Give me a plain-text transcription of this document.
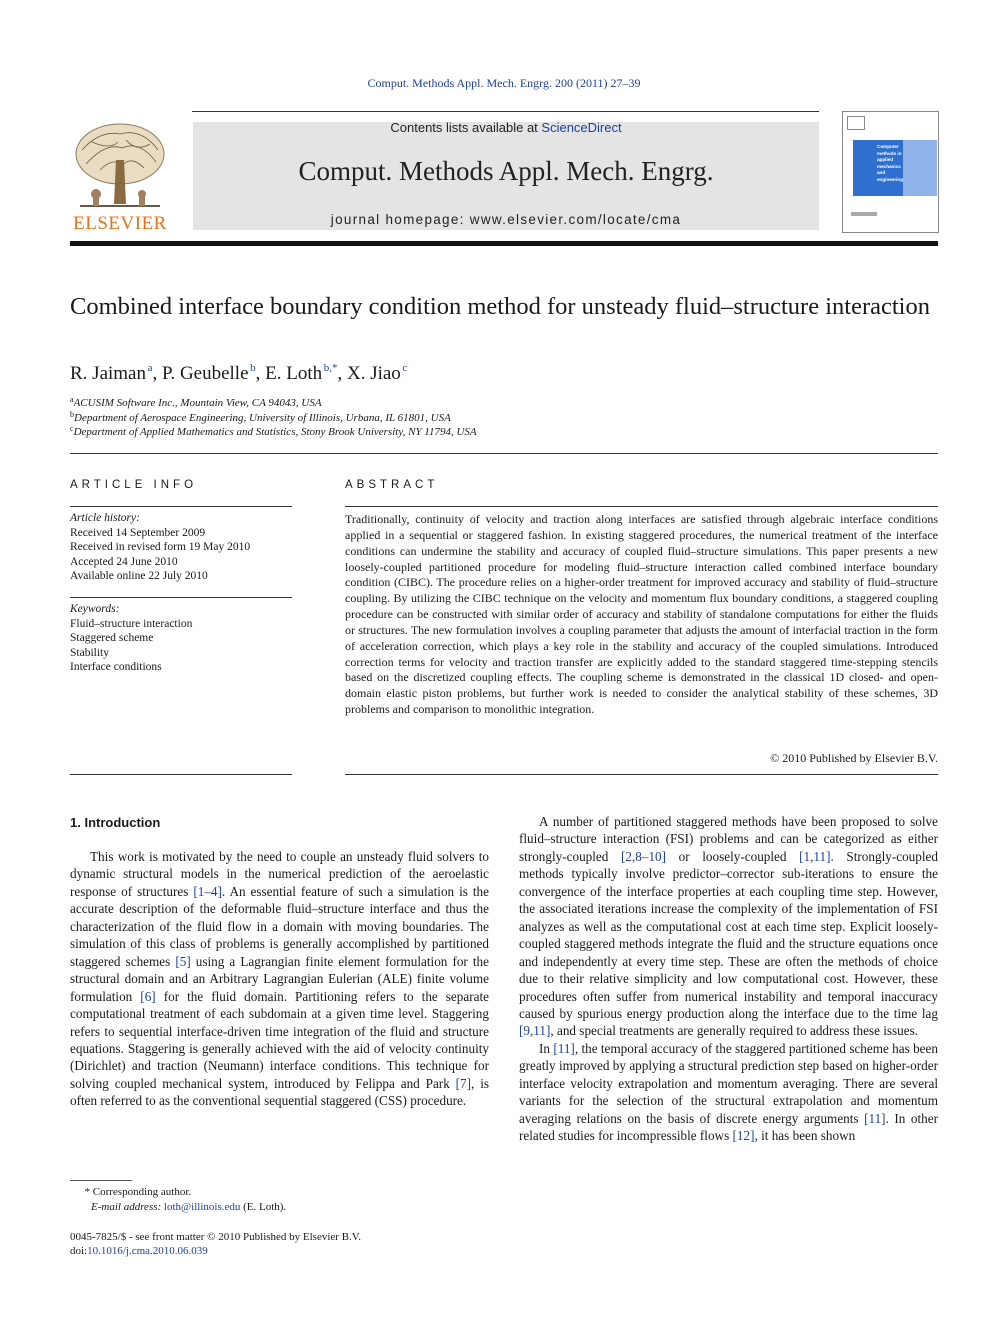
Comput. Methods Appl. Mech. Engrg. 200 (2011) 27–39
ELSEVIER
Contents lists available at ScienceDirect
Comput. Methods Appl. Mech. Engrg.
journal homepage: www.elsevier.com/locate/cma
Computer methods in applied mechanics and engineering
Combined interface boundary condition method for unsteady fluid–structure interaction
R. Jaiman  $^a$, P. Geubelle  $^b$, E. Loth  $^{b,*}$, X. Jiao  $^c$
$^a$ACUSIM Software Inc., Mountain View, CA 94043, USA
$^b$Department of Aerospace Engineering, University of Illinois, Urbana, IL 61801, USA
$^c$Department of Applied Mathematics and Statistics, Stony Brook University, NY 11794, USA
ARTICLE INFO
Article history:
Received 14 September 2009
Received in revised form 19 May 2010
Accepted 24 June 2010
Available online 22 July 2010
Keywords:
Fluid–structure interaction
Staggered scheme
Stability
Interface conditions
ABSTRACT
Traditionally, continuity of velocity and traction along interfaces are satisfied through algebraic interface conditions applied in a sequential or staggered fashion. In existing staggered procedures, the numerical treatment of the interface conditions can undermine the stability and accuracy of coupled fluid–structure simulations. This paper presents a new loosely-coupled partitioned procedure for modeling fluid–structure interaction called combined interface boundary condition (CIBC). The procedure relies on a higher-order treatment for improved accuracy and stability of fluid–structure coupling. By utilizing the CIBC technique on the velocity and momentum flux boundary conditions, a staggered coupling procedure can be constructed with similar order of accuracy and stability of standalone computations for either the fluids or structures. The new formulation involves a coupling parameter that adjusts the amount of interfacial traction in the form of acceleration correction, which plays a key role in the stability and accuracy of the coupled simulations. Introduced correction terms for velocity and traction transfer are explicitly added to the standard staggered time-stepping stencils based on the discretized coupling effects. The coupling scheme is demonstrated in the classical 1D closed- and open-domain elastic piston problems, but further work is needed to consider the analytical stability of these schemes, 3D problems and comparison to monolithic integration.
© 2010 Published by Elsevier B.V.
1. Introduction

This work is motivated by the need to couple an unsteady fluid solvers to dynamic structural models in the numerical prediction of the aeroelastic response of structures [1–4]. An essential feature of such a simulation is the accurate description of the deformable fluid–structure interface and thus the characterization of the fluid flow in a domain with moving boundaries. The simulation of this class of problems is generally accomplished by partitioned staggered schemes [5] using a Lagrangian finite element formulation for the structural domain and an Arbitrary Lagrangian Eulerian (ALE) finite volume formulation [6] for the fluid domain. Partitioning refers to the separate computational treatment of each subdomain at a given time level. Staggering refers to sequential interface-driven time integration of the fluid and structure equations. Staggering is generally achieved with the aid of velocity continuity (Dirichlet) and traction (Neumann) interface conditions. This technique for solving coupled mechanical system, introduced by Felippa and Park [7], is often referred to as the conventional sequential staggered (CSS) procedure.

A number of partitioned staggered methods have been proposed to solve fluid–structure interaction (FSI) problems and can be categorized as either strongly-coupled [2,8–10] or loosely-coupled [1,11]. Strongly-coupled methods typically involve predictor–corrector sub-iterations to ensure the convergence of the interface properties at each coupling time step. However, the associated iterations increase the complexity of the implementation of FSI analyzes as well as the computational cost at each time step. Explicit loosely-coupled staggered methods integrate the fluid and the structure equations once and independently at every time step. These are often the methods of choice due to their relative simplicity and low computational cost. However, these procedures often suffer from numerical instability and temporal inaccuracy caused by spurious energy production along the interface due to the time lag [9,11], and special treatments are generally required to address these issues.

In [11], the temporal accuracy of the staggered partitioned scheme has been greatly improved by applying a structural prediction step based on higher-order interface velocity extrapolation and momentum averaging. There are several variants for the selection of the structural extrapolation and momentum averaging relations on the basis of discrete energy arguments [11]. In other related studies for incompressible flows [12], it has been shown

* Corresponding author.
E-mail address: loth@illinois.edu (E. Loth).
0045-7825/$ - see front matter © 2010 Published by Elsevier B.V.
doi:10.1016/j.cma.2010.06.039
